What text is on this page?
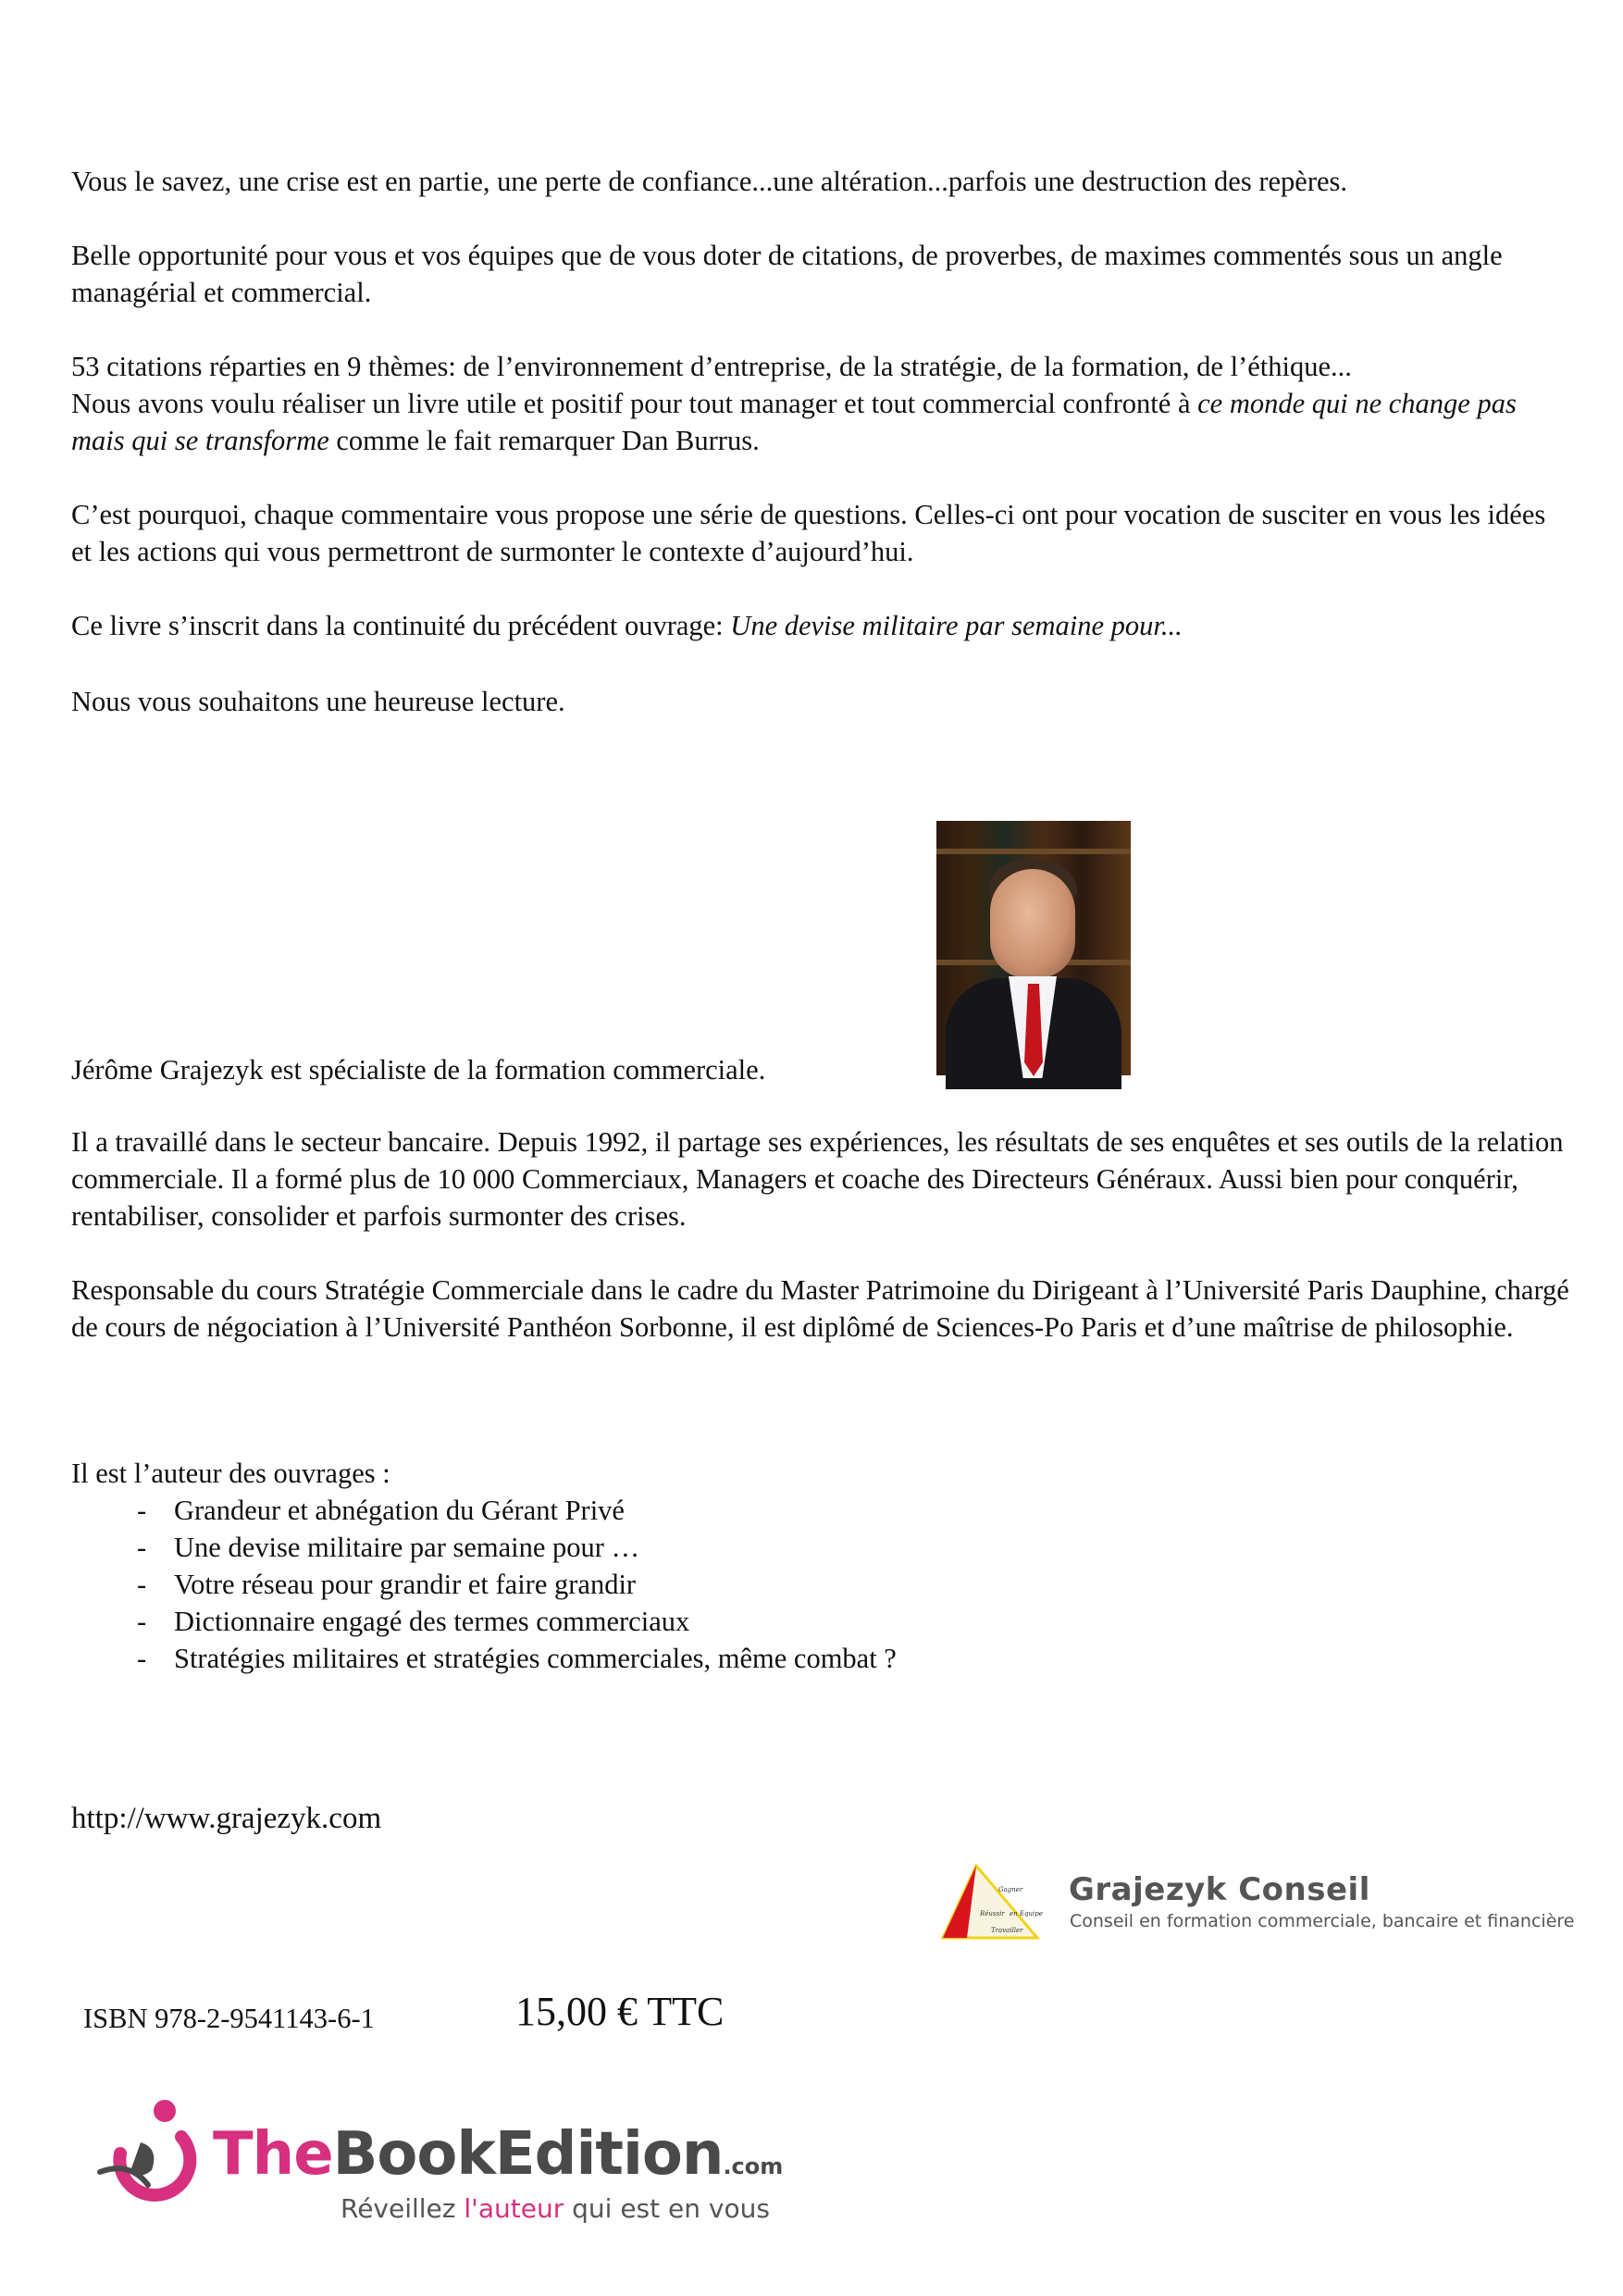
Vous le savez, une crise est en partie, une perte de confiance...une altération...parfois une destruction des repères.

Belle opportunité pour vous et vos équipes que de vous doter de citations, de proverbes, de maximes commentés sous un angle managérial et commercial.

53 citations réparties en 9 thèmes: de l’environnement d’entreprise, de la stratégie, de la formation, de l’éthique...
Nous avons voulu réaliser un livre utile et positif pour tout manager et tout commercial confronté à ce monde qui ne change pas mais qui se transforme comme le fait remarquer Dan Burrus.

C’est pourquoi, chaque commentaire vous propose une série de questions. Celles-ci ont pour vocation de susciter en vous les idées et les actions qui vous permettront de surmonter le contexte d’aujourd’hui.

Ce livre s’inscrit dans la continuité du précédent ouvrage: Une devise militaire par semaine pour...

Nous vous souhaitons une heureuse lecture.

Jérôme Grajezyk est spécialiste de la formation commerciale.

Il a travaillé dans le secteur bancaire. Depuis 1992, il partage ses expériences, les résultats de ses enquêtes et ses outils de la relation commerciale. Il a formé plus de 10 000 Commerciaux, Managers et coache des Directeurs Généraux. Aussi bien pour conquérir, rentabiliser, consolider et parfois surmonter des crises.

Responsable du cours Stratégie Commerciale dans le cadre du Master Patrimoine du Dirigeant à l’Université Paris Dauphine, chargé de cours de négociation à l’Université Panthéon Sorbonne, il est diplômé de Sciences-Po Paris et d’une maîtrise de philosophie.

Il est l’auteur des ouvrages :

- Grandeur et abnégation du Gérant Privé
- Une devise militaire par semaine pour …
- Votre réseau pour grandir et faire grandir
- Dictionnaire engagé des termes commerciaux
- Stratégies militaires et stratégies commerciales, même combat ?

http://www.grajezyk.com

Gagner
Réussir en Equipe
Travailler

Grajezyk Conseil

Conseil en formation commerciale, bancaire et financière

ISBN 978-2-9541143-6-1	15,00 € TTC

TheBookEdition.com

Réveillez l'auteur qui est en vous
